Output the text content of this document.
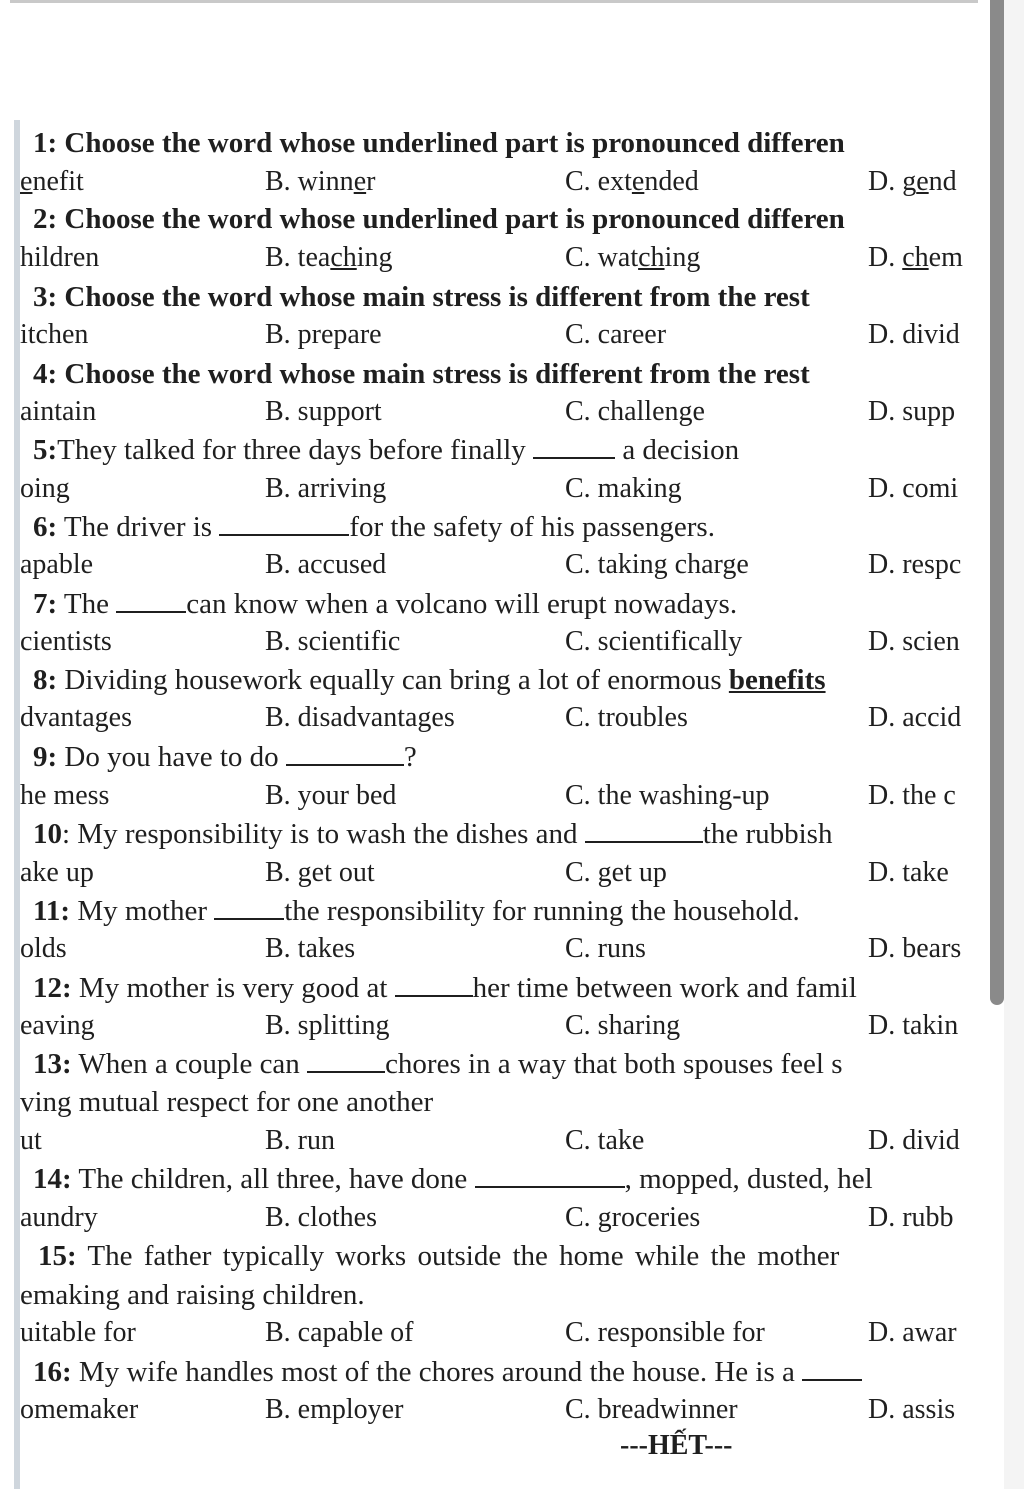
1: Choose the word whose underlined part is pronounced differen
enefit	B. winner	C. extended	D. gend
2: Choose the word whose underlined part is pronounced differen
hildren	B. teaching	C. watching	D. chem
3: Choose the word whose main stress is different from the rest
itchen	B. prepare	C. career	D. divid
4: Choose the word whose main stress is different from the rest
aintain	B. support	C. challenge	D. supp
5:They talked for three days before finally	a decision
oing	B. arriving	C. making	D. comi
6: The driver is	for the safety of his passengers.
apable	B. accused	C. taking charge	D. respc
7: The can know when a volcano will erupt nowadays.
cientists	B. scientific	C. scientifically	D. scien
8: Dividing housework equally can bring a lot of enormous benefits
dvantages	B. disadvantages	C. troubles	D. accid
9: Do you have to do	?
he mess	B. your bed	C. the washing-up	D. the c
10: My responsibility is to wash the dishes and	the rubbish
ake up	B. get out	C. get up	D. take
11: My mother the responsibility for running the household.
olds	B. takes	C. runs	D. bears
12: My mother is very good at	her time between work and famil
eaving	B. splitting	C. sharing	D. takin
13: When a couple can	chores in a way that both spouses feel s
ving mutual respect for one another
ut	B. run	C. take	D. divid
14: The children, all three, have done	, mopped, dusted, hel
aundry	B. clothes	C. groceries	D. rubb
15: The father typically works outside the home while the mother
emaking and raising children.
uitable for	B. capable of	C. responsible for	D. awar
16: My wife handles most of the chores around the house. He is a
omemaker	B. employer	C. breadwinner	D. assis
---HẾT---
